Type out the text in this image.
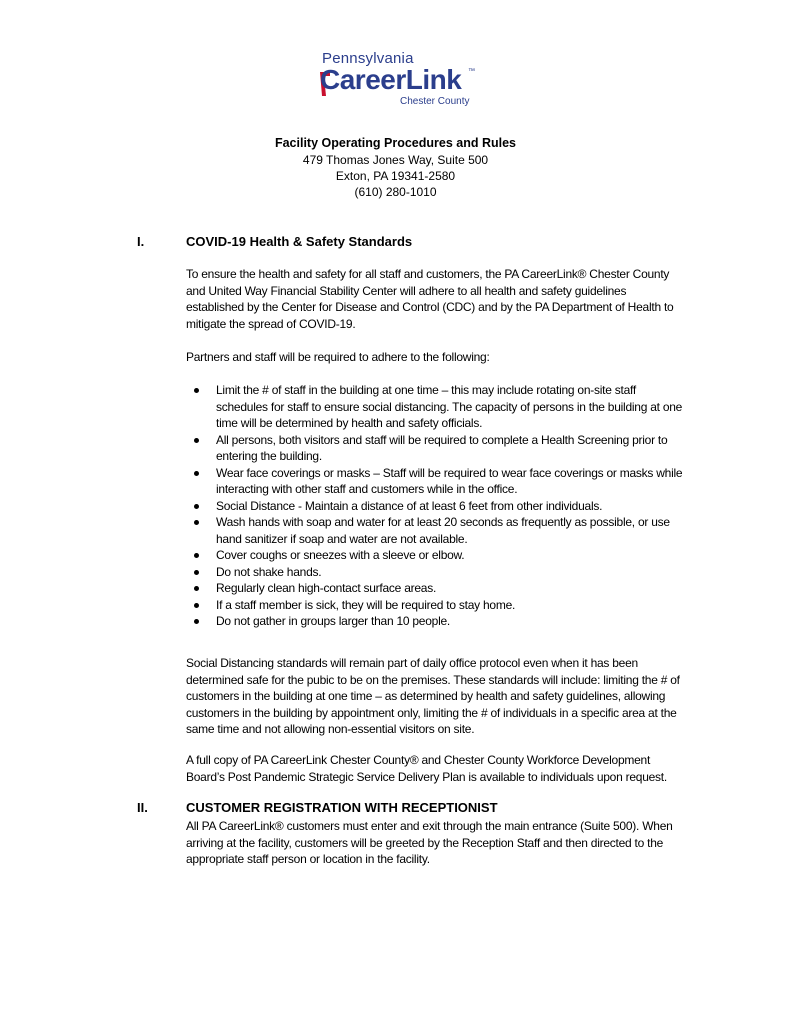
Pennsylvania
CareerLink ™
Chester County
Facility Operating Procedures and Rules
479 Thomas Jones Way, Suite 500
Exton, PA 19341-2580
(610) 280-1010
I.	COVID-19 Health & Safety Standards
To ensure the health and safety for all staff and customers, the PA CareerLink® Chester County and United Way Financial Stability Center will adhere to all health and safety guidelines established by the Center for Disease and Control (CDC) and by the PA Department of Health to mitigate the spread of COVID-19.
Partners and staff will be required to adhere to the following:
Limit the # of staff in the building at one time – this may include rotating on-site staff schedules for staff to ensure social distancing. The capacity of persons in the building at one time will be determined by health and safety officials.
All persons, both visitors and staff will be required to complete a Health Screening prior to entering the building.
Wear face coverings or masks – Staff will be required to wear face coverings or masks while interacting with other staff and customers while in the office.
Social Distance - Maintain a distance of at least 6 feet from other individuals.
Wash hands with soap and water for at least 20 seconds as frequently as possible, or use hand sanitizer if soap and water are not available.
Cover coughs or sneezes with a sleeve or elbow.
Do not shake hands.
Regularly clean high-contact surface areas.
If a staff member is sick, they will be required to stay home.
Do not gather in groups larger than 10 people.
Social Distancing standards will remain part of daily office protocol even when it has been determined safe for the pubic to be on the premises. These standards will include: limiting the # of customers in the building at one time – as determined by health and safety guidelines, allowing customers in the building by appointment only, limiting the # of individuals in a specific area at the same time and not allowing non-essential visitors on site.
A full copy of PA CareerLink Chester County® and Chester County Workforce Development Board’s Post Pandemic Strategic Service Delivery Plan is available to individuals upon request.
II.	CUSTOMER REGISTRATION WITH RECEPTIONIST
All PA CareerLink® customers must enter and exit through the main entrance (Suite 500). When arriving at the facility, customers will be greeted by the Reception Staff and then directed to the appropriate staff person or location in the facility.
